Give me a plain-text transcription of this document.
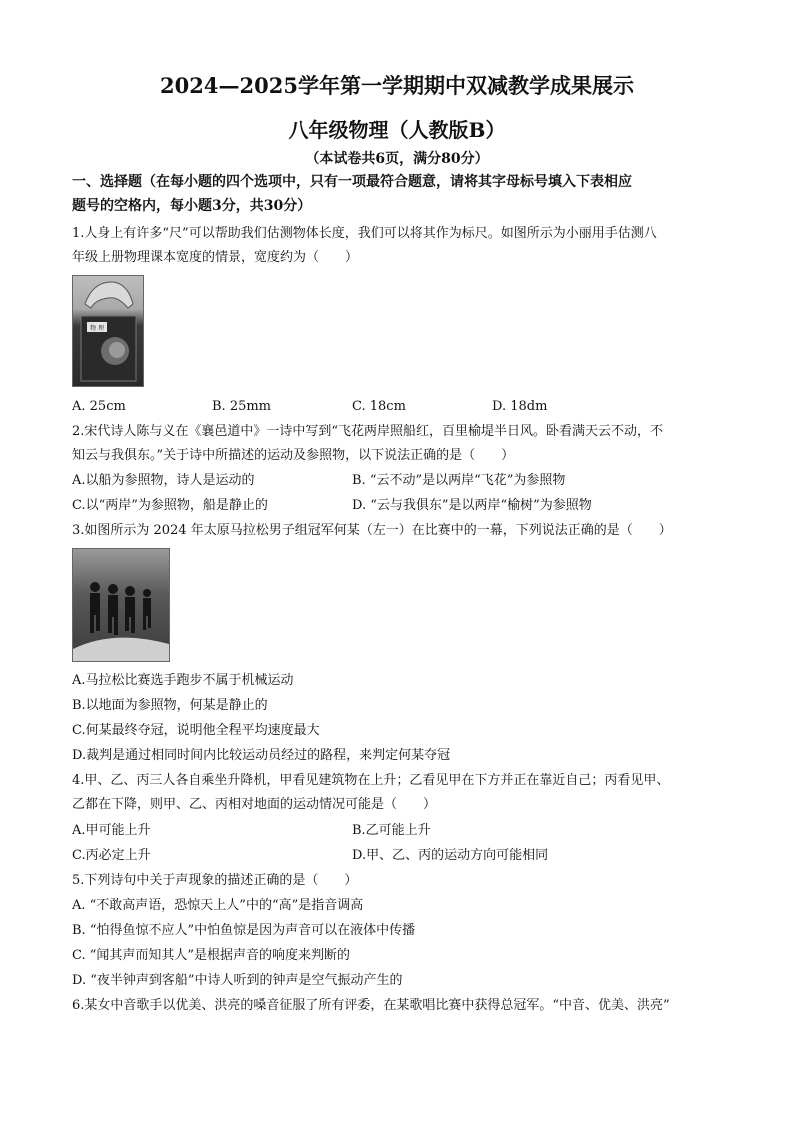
2024—2025学年第一学期期中双减教学成果展示
八年级物理（人教版B）
（本试卷共6页，满分80分）
一、选择题（在每小题的四个选项中，只有一项最符合题意，请将其字母标号填入下表相应
题号的空格内，每小题3分，共30分）
1.人身上有许多“尺”可以帮助我们估测物体长度，我们可以将其作为标尺。如图所示为小丽用手估测八
年级上册物理课本宽度的情景，宽度约为（　　）
物 理
A. 25cm	B. 25mm	C. 18cm	D. 18dm
2.宋代诗人陈与义在《襄邑道中》一诗中写到“飞花两岸照船红，百里榆堤半日风。卧看满天云不动，不
知云与我俱东。”关于诗中所描述的运动及参照物，以下说法正确的是（　　）
A.以船为参照物，诗人是运动的	B. “云不动”是以两岸“飞花”为参照物
C.以“两岸”为参照物，船是静止的	D. “云与我俱东”是以两岸“榆树”为参照物
3.如图所示为 2024 年太原马拉松男子组冠军何某（左一）在比赛中的一幕，下列说法正确的是（　　）
A.马拉松比赛选手跑步不属于机械运动
B.以地面为参照物，何某是静止的
C.何某最终夺冠，说明他全程平均速度最大
D.裁判是通过相同时间内比较运动员经过的路程，来判定何某夺冠
4.甲、乙、丙三人各自乘坐升降机，甲看见建筑物在上升；乙看见甲在下方并正在靠近自己；丙看见甲、
乙都在下降，则甲、乙、丙相对地面的运动情况可能是（　　）
A.甲可能上升	B.乙可能上升
C.丙必定上升	D.甲、乙、丙的运动方向可能相同
5.下列诗句中关于声现象的描述正确的是（　　）
A. “不敢高声语，恐惊天上人”中的“高”是指音调高
B. “怕得鱼惊不应人”中怕鱼惊是因为声音可以在液体中传播
C. “闻其声而知其人”是根据声音的响度来判断的
D. “夜半钟声到客船”中诗人听到的钟声是空气振动产生的
6.某女中音歌手以优美、洪亮的嗓音征服了所有评委，在某歌唱比赛中获得总冠军。“中音、优美、洪亮”
